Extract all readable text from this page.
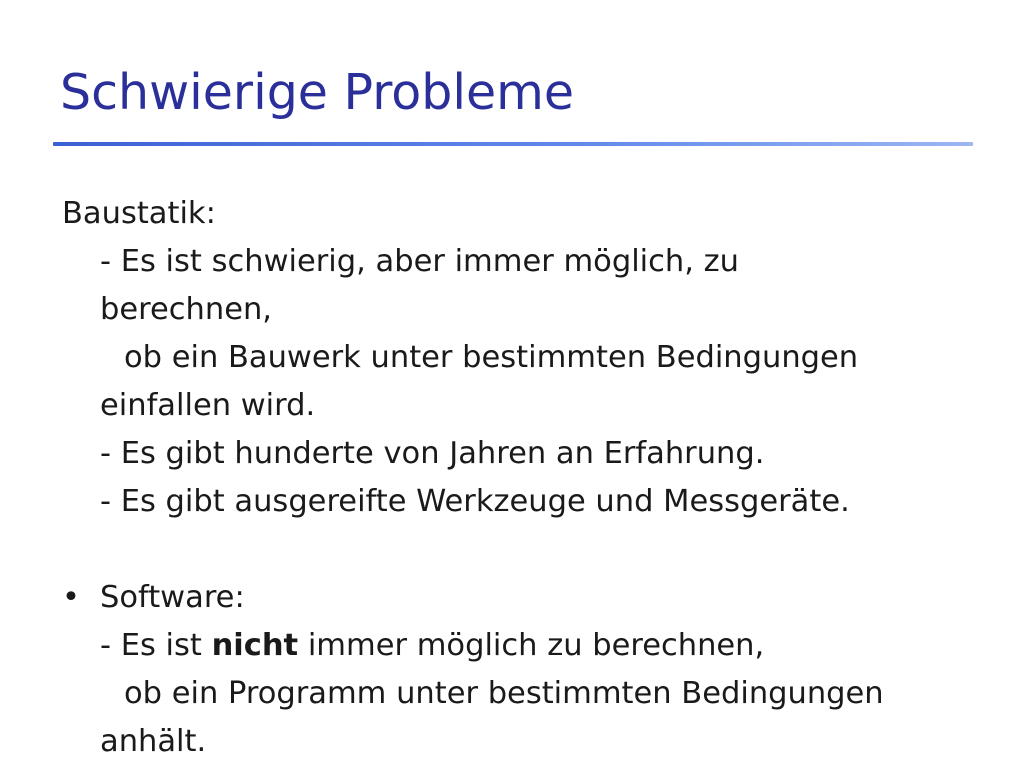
Schwierige Probleme
Baustatik:
- Es ist schwierig, aber immer möglich, zu
berechnen,
ob ein Bauwerk unter bestimmten Bedingungen
einfallen wird.
- Es gibt hunderte von Jahren an Erfahrung.
- Es gibt ausgereifte Werkzeuge und Messgeräte.
• Software:
- Es ist nicht immer möglich zu berechnen,
ob ein Programm unter bestimmten Bedingungen
anhält.
